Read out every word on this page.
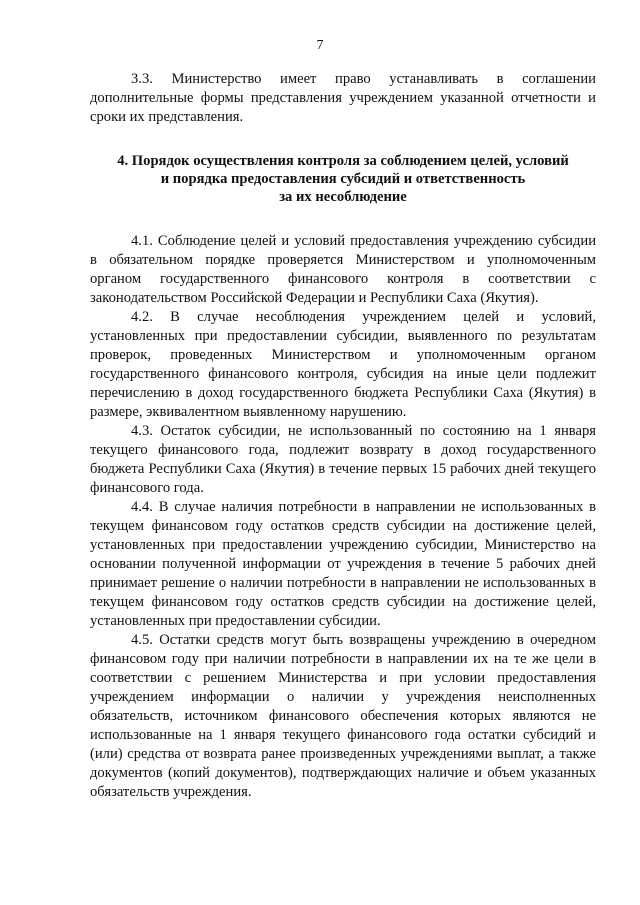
7

3.3. Министерство имеет право устанавливать в соглашении дополнительные формы представления учреждением указанной отчетности и сроки их представления.

4. Порядок осуществления контроля за соблюдением целей, условий
и порядка предоставления субсидий и ответственность
за их несоблюдение

4.1. Соблюдение целей и условий предоставления учреждению субсидии в обязательном порядке проверяется Министерством и уполномоченным органом государственного финансового контроля в соответствии с законодательством Российской Федерации и Республики Саха (Якутия).

4.2. В случае несоблюдения учреждением целей и условий, установленных при предоставлении субсидии, выявленного по результатам проверок, проведенных Министерством и уполномоченным органом государственного финансового контроля, субсидия на иные цели подлежит перечислению в доход государственного бюджета Республики Саха (Якутия) в размере, эквивалентном выявленному нарушению.

4.3. Остаток субсидии, не использованный по состоянию на 1 января текущего финансового года, подлежит возврату в доход государственного бюджета Республики Саха (Якутия) в течение первых 15 рабочих дней текущего финансового года.

4.4. В случае наличия потребности в направлении не использованных в текущем финансовом году остатков средств субсидии на достижение целей, установленных при предоставлении учреждению субсидии, Министерство на основании полученной информации от учреждения в течение 5 рабочих дней принимает решение о наличии потребности в направлении не использованных в текущем финансовом году остатков средств субсидии на достижение целей, установленных при предоставлении субсидии.

4.5. Остатки средств могут быть возвращены учреждению в очередном финансовом году при наличии потребности в направлении их на те же цели в соответствии с решением Министерства и при условии предоставления учреждением информации о наличии у учреждения неисполненных обязательств, источником финансового обеспечения которых являются не использованные на 1 января текущего финансового года остатки субсидий и (или) средства от возврата ранее произведенных учреждениями выплат, а также документов (копий документов), подтверждающих наличие и объем указанных обязательств учреждения.
